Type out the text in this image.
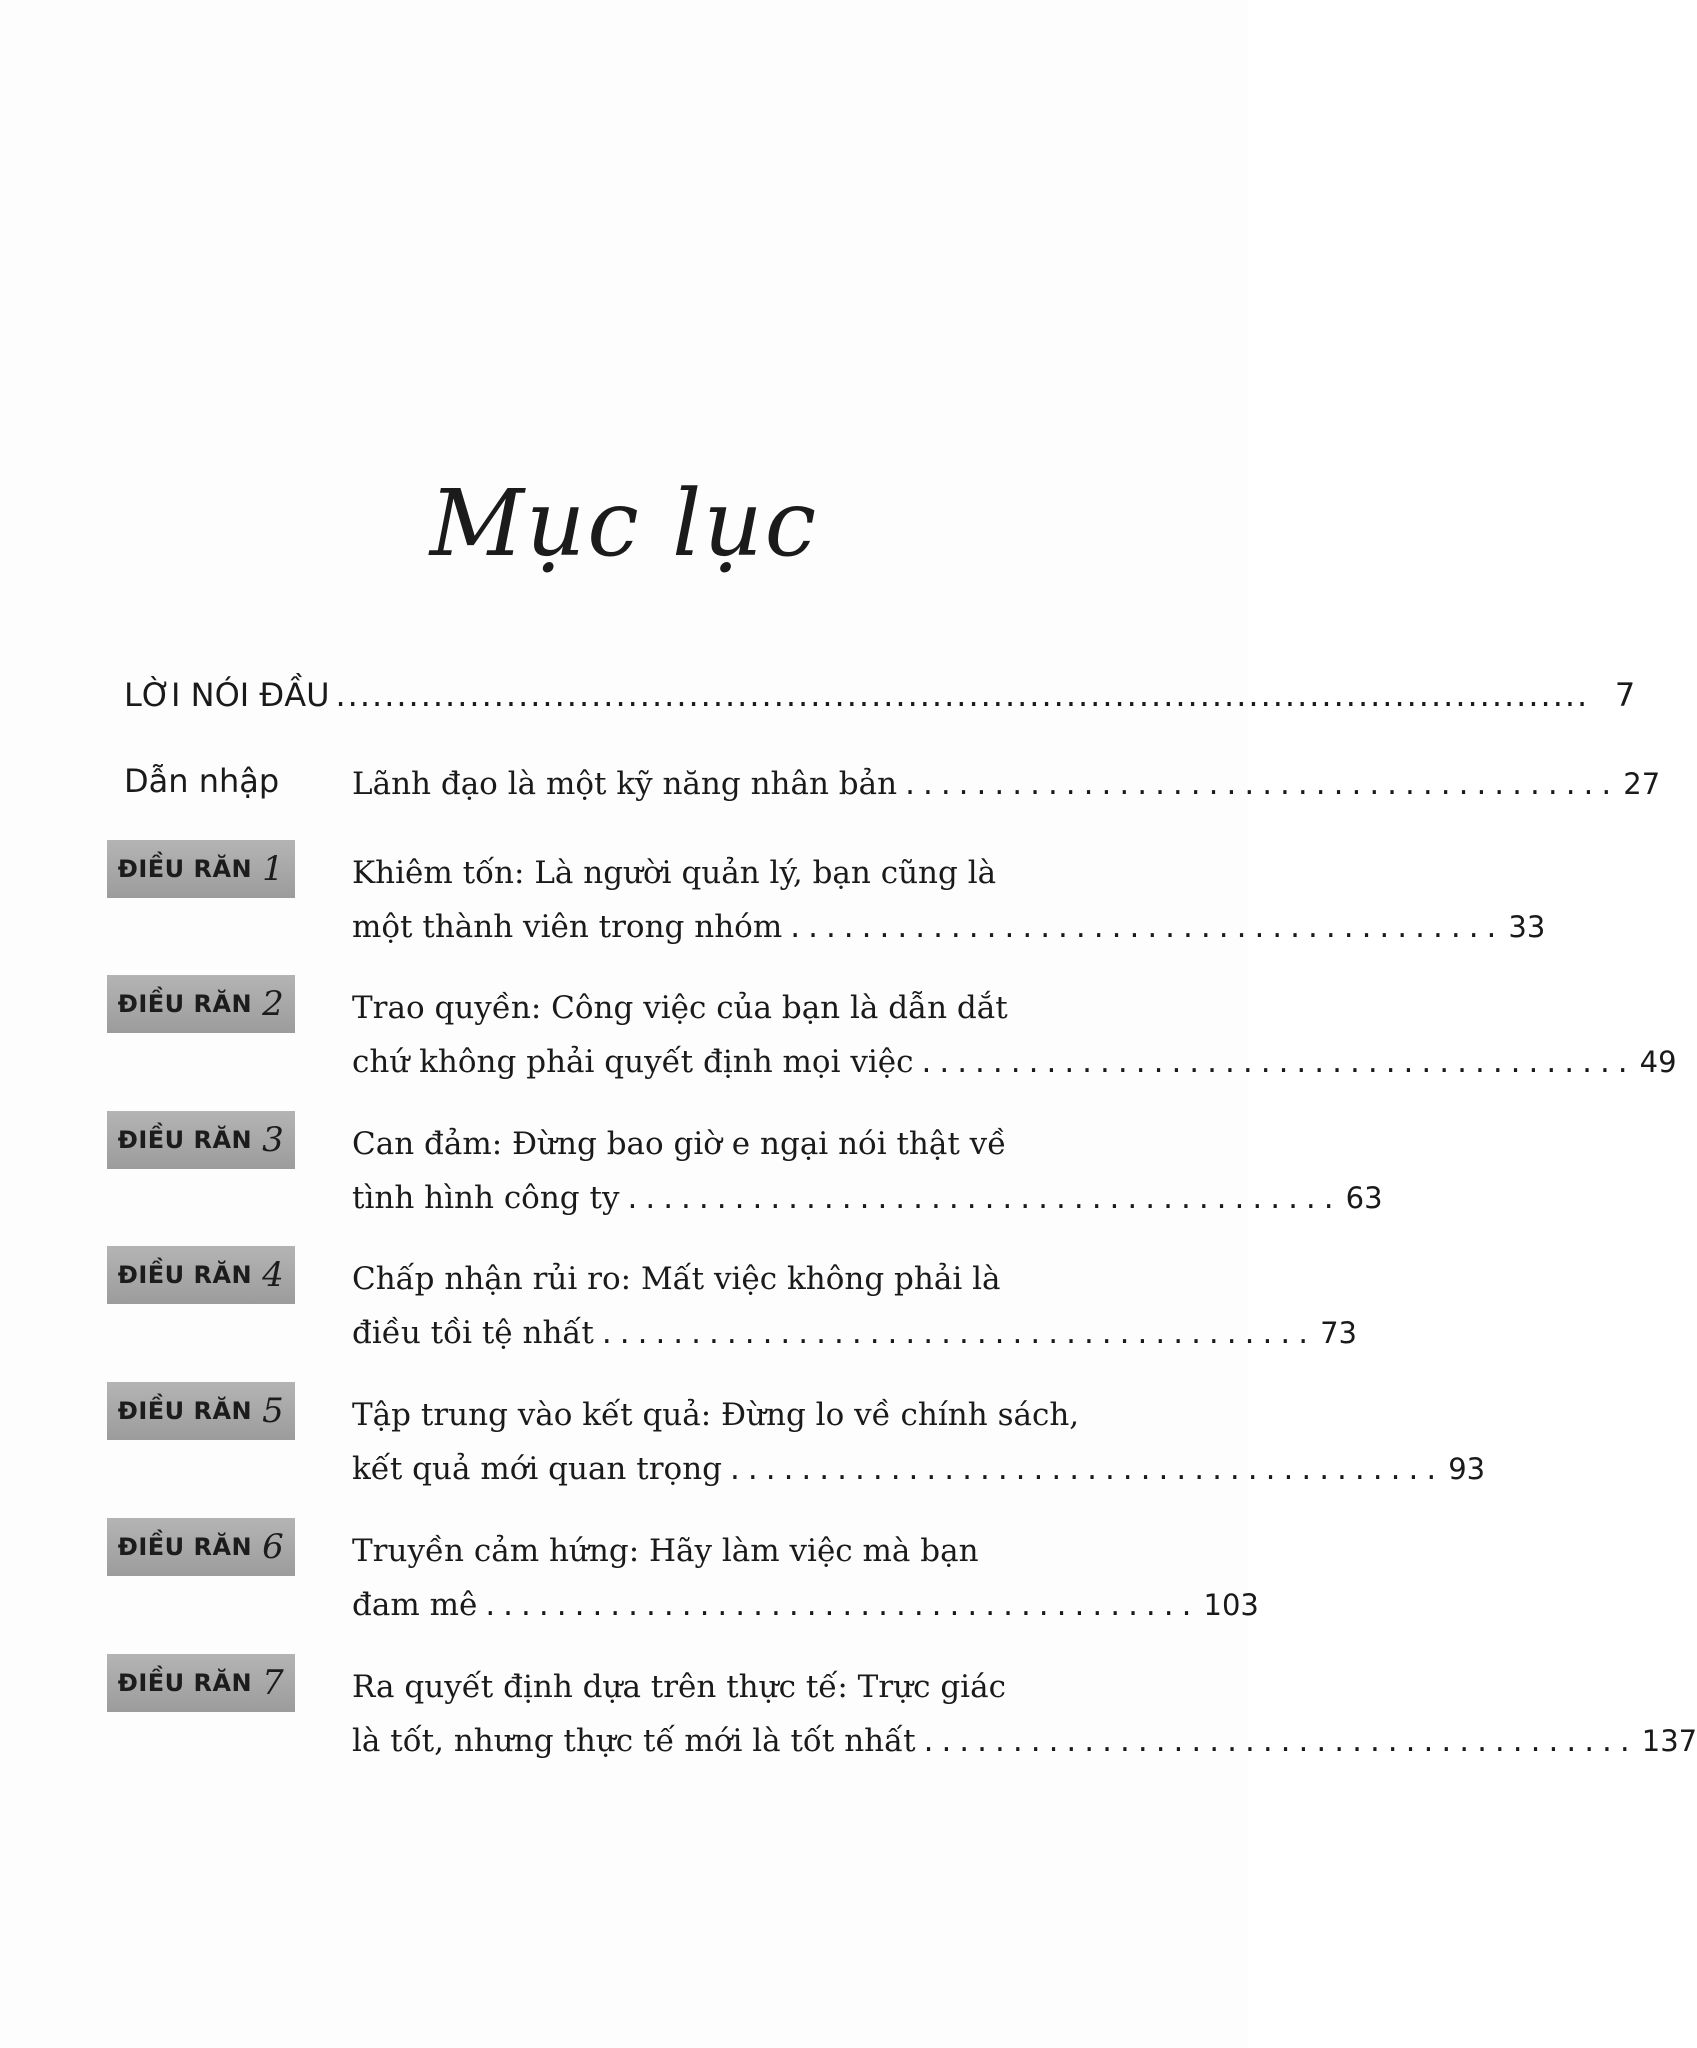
Mục lục
LỜI NÓI ĐẦU ....................................................................................................... 7
Dẫn nhập Lãnh đạo là một kỹ năng nhân bản ........................................ 27
ĐIỀU RĂN 1 Khiêm tốn: Là người quản lý, bạn cũng là
một thành viên trong nhóm ........................................ 33
ĐIỀU RĂN 2 Trao quyền: Công việc của bạn là dẫn dắt
chứ không phải quyết định mọi việc ........................................ 49
ĐIỀU RĂN 3 Can đảm: Đừng bao giờ e ngại nói thật về
tình hình công ty ........................................ 63
ĐIỀU RĂN 4 Chấp nhận rủi ro: Mất việc không phải là
điều tồi tệ nhất ........................................ 73
ĐIỀU RĂN 5 Tập trung vào kết quả: Đừng lo về chính sách,
kết quả mới quan trọng ........................................ 93
ĐIỀU RĂN 6 Truyền cảm hứng: Hãy làm việc mà bạn
đam mê ........................................ 103
ĐIỀU RĂN 7 Ra quyết định dựa trên thực tế: Trực giác
là tốt, nhưng thực tế mới là tốt nhất ........................................ 137
